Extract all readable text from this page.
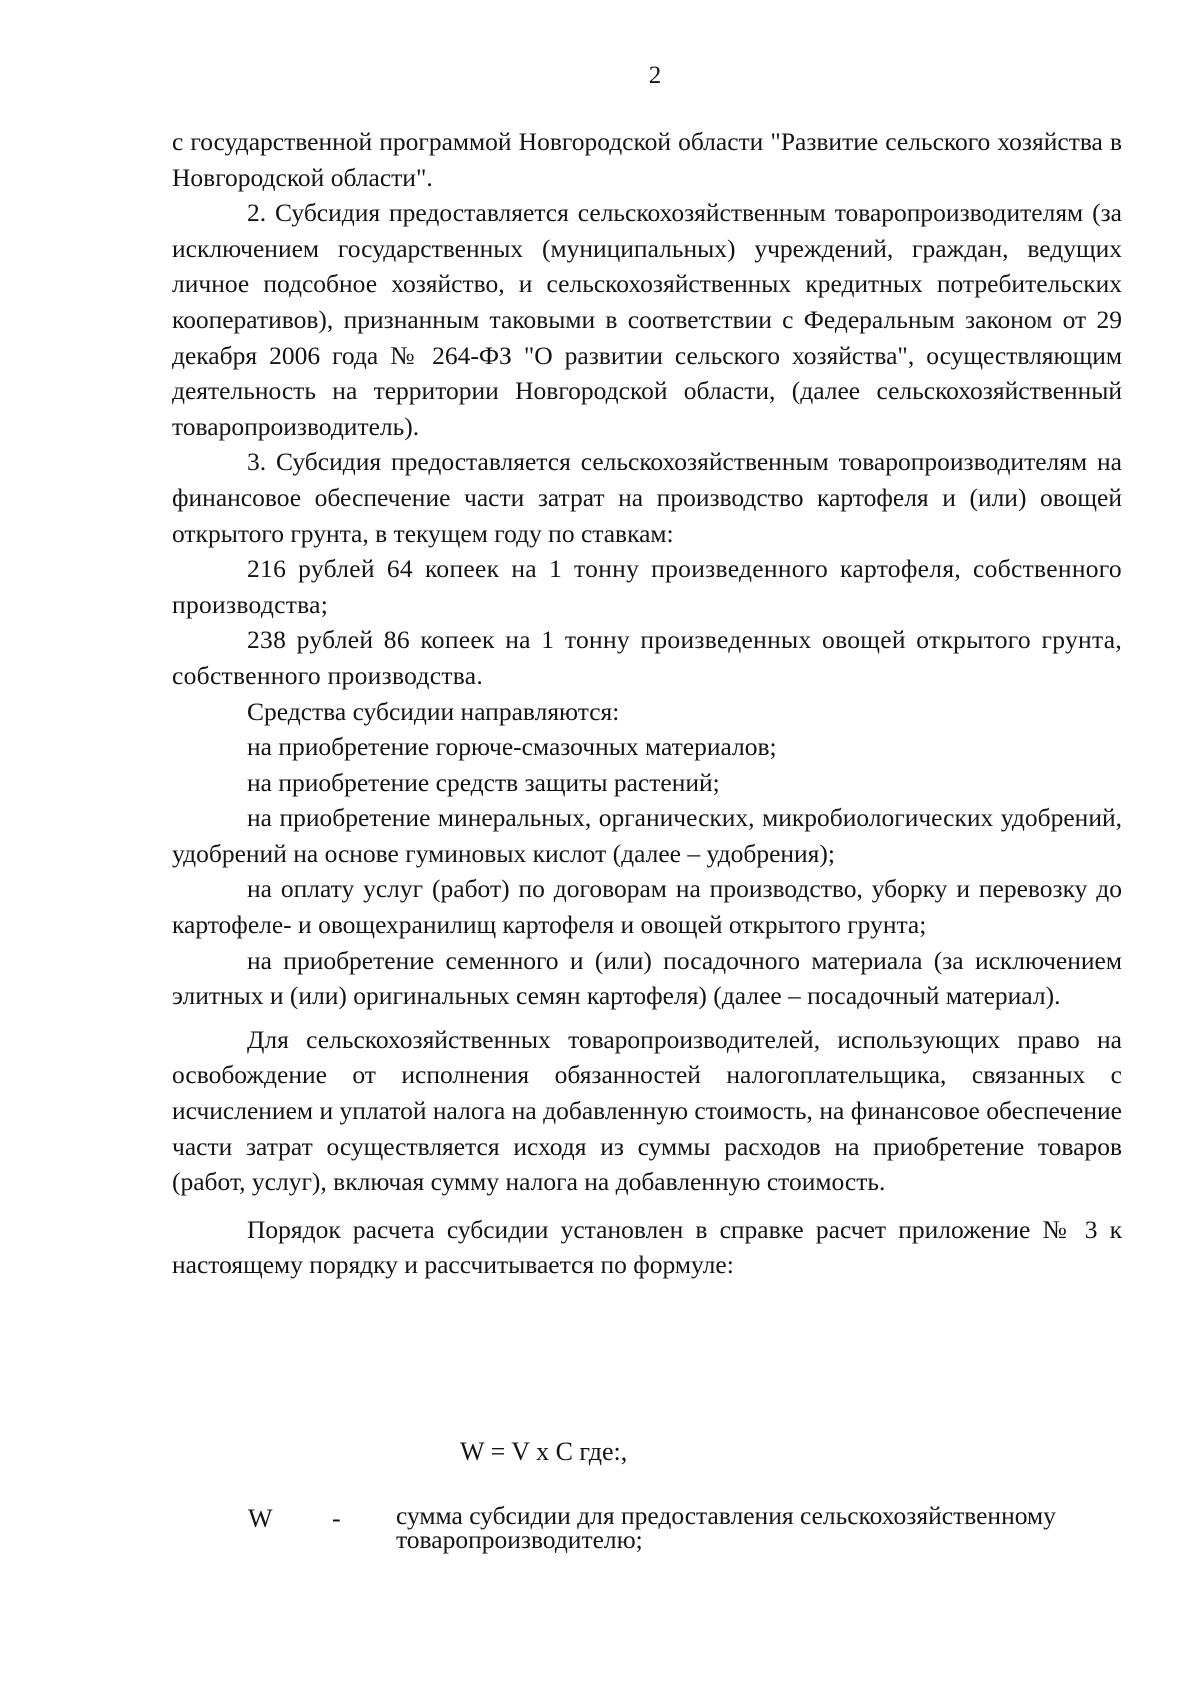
2

с государственной программой Новгородской области "Развитие сельского хозяйства в Новгородской области".

2. Субсидия предоставляется сельскохозяйственным товаропроизводителям (за исключением государственных (муниципальных) учреждений, граждан, ведущих личное подсобное хозяйство, и сельскохозяйственных кредитных потребительских кооперативов), признанным таковыми в соответствии с Федеральным законом от 29 декабря 2006 года № 264-ФЗ "О развитии сельского хозяйства", осуществляющим деятельность на территории Новгородской области, (далее сельскохозяйственный товаропроизводитель).

3. Субсидия предоставляется сельскохозяйственным товаропроизводителям на финансовое обеспечение части затрат на производство картофеля и (или) овощей открытого грунта, в текущем году по ставкам:

216 рублей 64 копеек на 1 тонну произведенного картофеля, собственного производства;

238 рублей 86 копеек на 1 тонну произведенных овощей открытого грунта, собственного производства.

Средства субсидии направляются:

на приобретение горюче-смазочных материалов;

на приобретение средств защиты растений;

на приобретение минеральных, органических, микробиологических удобрений, удобрений на основе гуминовых кислот (далее – удобрения);

на оплату услуг (работ) по договорам на производство, уборку и перевозку до картофеле- и овощехранилищ картофеля и овощей открытого грунта;

на приобретение семенного и (или) посадочного материала (за исключением элитных и (или) оригинальных семян картофеля) (далее – посадочный материал).

Для сельскохозяйственных товаропроизводителей, использующих право на освобождение от исполнения обязанностей налогоплательщика, связанных с исчислением и уплатой налога на добавленную стоимость, на финансовое обеспечение части затрат осуществляется исходя из суммы расходов на приобретение товаров (работ, услуг), включая сумму налога на добавленную стоимость.

Порядок расчета субсидии установлен в справке расчет приложение № 3 к настоящему порядку и рассчитывается по формуле:

W = V x C где:,
W - сумма субсидии для предоставления сельскохозяйственному товаропроизводителю;
